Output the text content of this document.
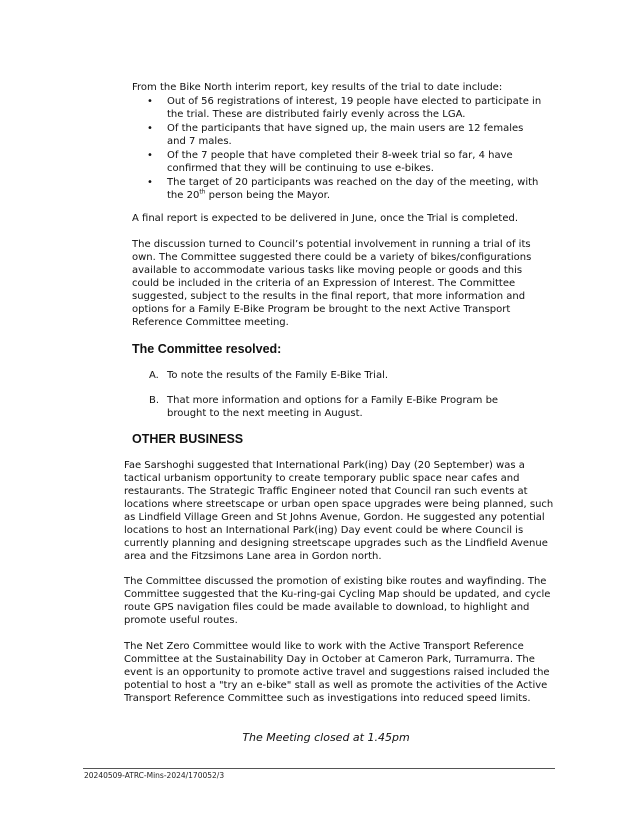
From the Bike North interim report, key results of the trial to date include:
• Out of 56 registrations of interest, 19 people have elected to participate in the trial. These are distributed fairly evenly across the LGA.
• Of the participants that have signed up, the main users are 12 females and 7 males.
• Of the 7 people that have completed their 8-week trial so far, 4 have confirmed that they will be continuing to use e-bikes.
• The target of 20 participants was reached on the day of the meeting, with the 20th person being the Mayor.
A final report is expected to be delivered in June, once the Trial is completed.
The discussion turned to Council’s potential involvement in running a trial of its own. The Committee suggested there could be a variety of bikes/configurations available to accommodate various tasks like moving people or goods and this could be included in the criteria of an Expression of Interest. The Committee suggested, subject to the results in the final report, that more information and options for a Family E-Bike Program be brought to the next Active Transport Reference Committee meeting.
The Committee resolved:
A. To note the results of the Family E-Bike Trial.
B. That more information and options for a Family E-Bike Program be brought to the next meeting in August.
OTHER BUSINESS
Fae Sarshoghi suggested that International Park(ing) Day (20 September) was a tactical urbanism opportunity to create temporary public space near cafes and restaurants. The Strategic Traffic Engineer noted that Council ran such events at locations where streetscape or urban open space upgrades were being planned, such as Lindfield Village Green and St Johns Avenue, Gordon. He suggested any potential locations to host an International Park(ing) Day event could be where Council is currently planning and designing streetscape upgrades such as the Lindfield Avenue area and the Fitzsimons Lane area in Gordon north.
The Committee discussed the promotion of existing bike routes and wayfinding. The Committee suggested that the Ku-ring-gai Cycling Map should be updated, and cycle route GPS navigation files could be made available to download, to highlight and promote useful routes.
The Net Zero Committee would like to work with the Active Transport Reference Committee at the Sustainability Day in October at Cameron Park, Turramurra. The event is an opportunity to promote active travel and suggestions raised included the potential to host a "try an e-bike" stall as well as promote the activities of the Active Transport Reference Committee such as investigations into reduced speed limits.
The Meeting closed at 1.45pm
20240509-ATRC-Mins-2024/170052/3
